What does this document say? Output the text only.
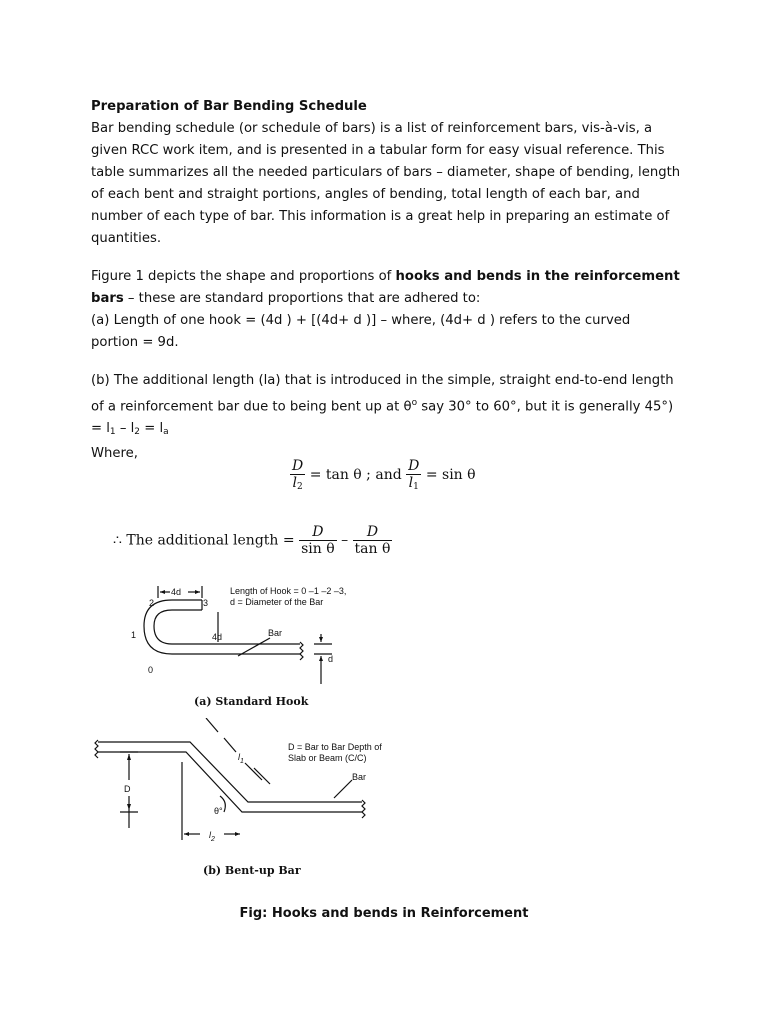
Preparation of Bar Bending Schedule

Bar bending schedule (or schedule of bars) is a list of reinforcement bars, vis-à-vis, a given RCC work item, and is presented in a tabular form for easy visual reference. This table summarizes all the needed particulars of bars – diameter, shape of bending, length of each bent and straight portions, angles of bending, total length of each bar, and number of each type of bar. This information is a great help in preparing an estimate of quantities.

Figure 1 depicts the shape and proportions of hooks and bends in the reinforcement bars – these are standard proportions that are adhered to:

(a) Length of one hook = (4d ) + [(4d+ d )] – where, (4d+ d ) refers to the curved portion = 9d.

(b) The additional length (la) that is introduced in the simple, straight end-to-end length of a reinforcement bar due to being bent up at $\theta^o$ say 30° to 60°, but it is generally $45^\circ) = l_1 - l_2 = l_a$

Where,

$\frac{D}{l_2} = \tan \theta$ ; and $\frac{D}{l_1} = \sin \theta$
∴ The additional length = $\frac{D}{\text{sin θ}} - \frac{D}{\text{tan θ}}$
4d
4d	Bar
d
0
1
2	3
Length of Hook = 0 –1 –2 –3,
d = Diameter of the Bar
(a) Standard Hook
D
$l_1$
$l_2$
θ°
D = Bar to Bar Depth of
Slab or Beam (C/C)
Bar
(b) Bent-up Bar
Fig: Hooks and bends in Reinforcement
